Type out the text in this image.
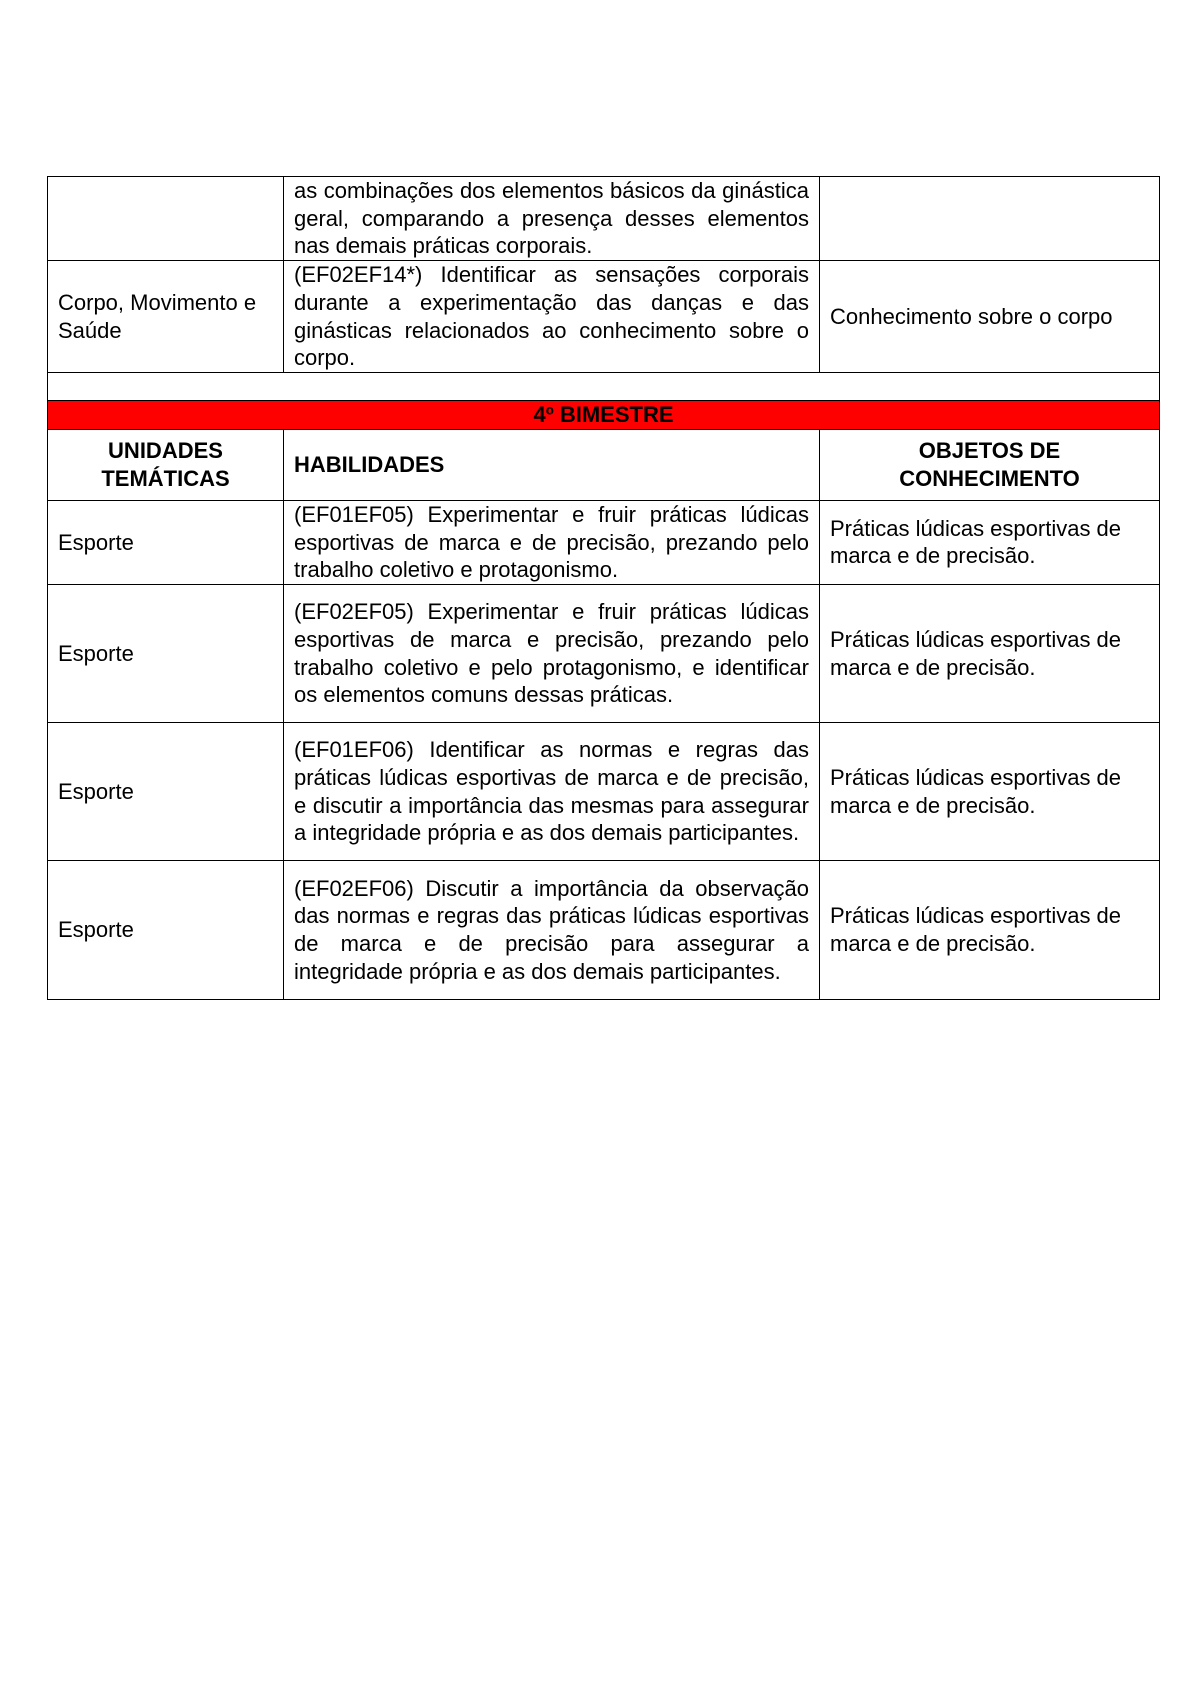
	as combinações dos elementos básicos da ginástica geral, comparando a presença desses elementos nas demais práticas corporais.	
Corpo, Movimento e Saúde	(EF02EF14*) Identificar as sensações corporais durante a experimentação das danças e das ginásticas relacionados ao conhecimento sobre o corpo.	Conhecimento sobre o corpo

4º BIMESTRE		
UNIDADES TEMÁTICAS	HABILIDADES	OBJETOS DE CONHECIMENTO
Esporte	(EF01EF05) Experimentar e fruir práticas lúdicas esportivas de marca e de precisão, prezando pelo trabalho coletivo e protagonismo.	Práticas lúdicas esportivas de marca e de precisão.
Esporte	(EF02EF05) Experimentar e fruir práticas lúdicas esportivas de marca e precisão, prezando pelo trabalho coletivo e pelo protagonismo, e identificar os elementos comuns dessas práticas.	Práticas lúdicas esportivas de marca e de precisão.
Esporte	(EF01EF06) Identificar as normas e regras das práticas lúdicas esportivas de marca e de precisão, e discutir a importância das mesmas para assegurar a integridade própria e as dos demais participantes.	Práticas lúdicas esportivas de marca e de precisão.
Esporte	(EF02EF06) Discutir a importância da observação das normas e regras das práticas lúdicas esportivas de marca e de precisão para assegurar a integridade própria e as dos demais participantes.	Práticas lúdicas esportivas de marca e de precisão.
